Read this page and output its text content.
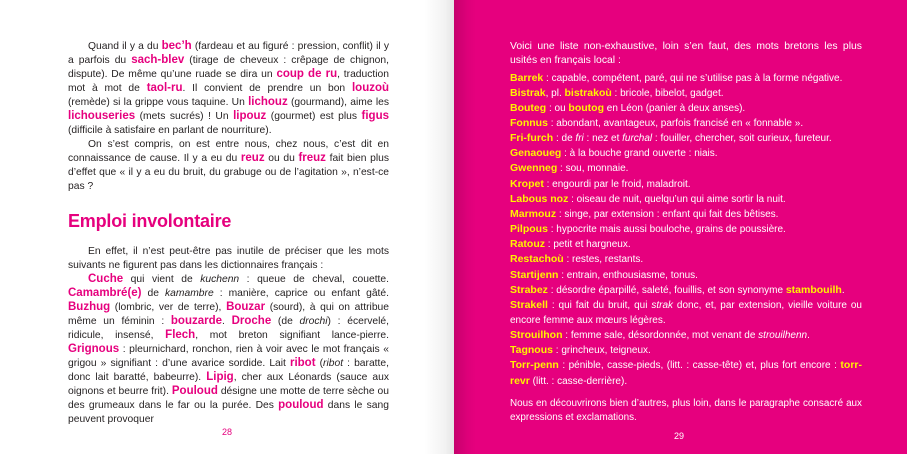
Quand il y a du bec’h (fardeau et au figuré : pression, conflit) il y a parfois du sach-blev (tirage de cheveux : crêpage de chignon, dispute). De même qu’une ruade se dira un coup de ru, traduction mot à mot de taol-ru. Il convient de prendre un bon louzoù (remède) si la grippe vous taquine. Un lichouz (gourmand), aime les lichouseries (mets sucrés) ! Un lipouz (gourmet) est plus figus (difficile à satisfaire en parlant de nourriture).

On s’est compris, on est entre nous, chez nous, c’est dit en connaissance de cause. Il y a eu du reuz ou du freuz fait bien plus d’effet que « il y a eu du bruit, du grabuge ou de l’agitation », n’est-ce pas ?

Emploi involontaire

En effet, il n’est peut-être pas inutile de préciser que les mots suivants ne figurent pas dans les dictionnaires français :

Cuche qui vient de kuchenn : queue de cheval, couette. Camambré(e) de kamambre : manière, caprice ou enfant gâté. Buzhug (lombric, ver de terre), Bouzar (sourd), à qui on attribue même un féminin : bouzarde. Droche (de drochi) : écervelé, ridicule, insensé, Flech, mot breton signifiant lance-pierre. Grignous : pleurnichard, ronchon, rien à voir avec le mot français « grigou » signifiant : d’une avarice sordide. Lait ribot (ribot : baratte, donc lait baratté, babeurre). Lipig, cher aux Léonards (sauce aux oignons et beurre frit). Pouloud désigne une motte de terre sèche ou des grumeaux dans le far ou la purée. Des pouloud dans le sang peuvent provoquer

28

Voici une liste non-exhaustive, loin s’en faut, des mots bretons les plus usités en français local :

Barrek : capable, compétent, paré, qui ne s’utilise pas à la forme négative.
Bistrak, pl. bistrakoù : bricole, bibelot, gadget.
Bouteg : ou boutog en Léon (panier à deux anses).
Fonnus : abondant, avantageux, parfois francisé en « fonnable ».
Fri-furch : de fri : nez et furchal : fouiller, chercher, soit curieux, fureteur.
Genaoueg : à la bouche grand ouverte : niais.
Gwenneg : sou, monnaie.
Kropet : engourdi par le froid, maladroit.
Labous noz : oiseau de nuit, quelqu’un qui aime sortir la nuit.
Marmouz : singe, par extension : enfant qui fait des bêtises.
Pilpous : hypocrite mais aussi bouloche, grains de poussière.
Ratouz : petit et hargneux.
Restachoù : restes, restants.
Startijenn : entrain, enthousiasme, tonus.
Strabez : désordre éparpillé, saleté, fouillis, et son synonyme stambouilh.
Strakell : qui fait du bruit, qui strak donc, et, par extension, vieille voiture ou encore femme aux mœurs légères.
Strouilhon : femme sale, désordonnée, mot venant de strouilhenn.
Tagnous : grincheux, teigneux.
Torr-penn : pénible, casse-pieds, (litt. : casse-tête) et, plus fort encore : torr-revr (litt. : casse-derrière).

Nous en découvrirons bien d’autres, plus loin, dans le paragraphe consacré aux expressions et exclamations.

29
